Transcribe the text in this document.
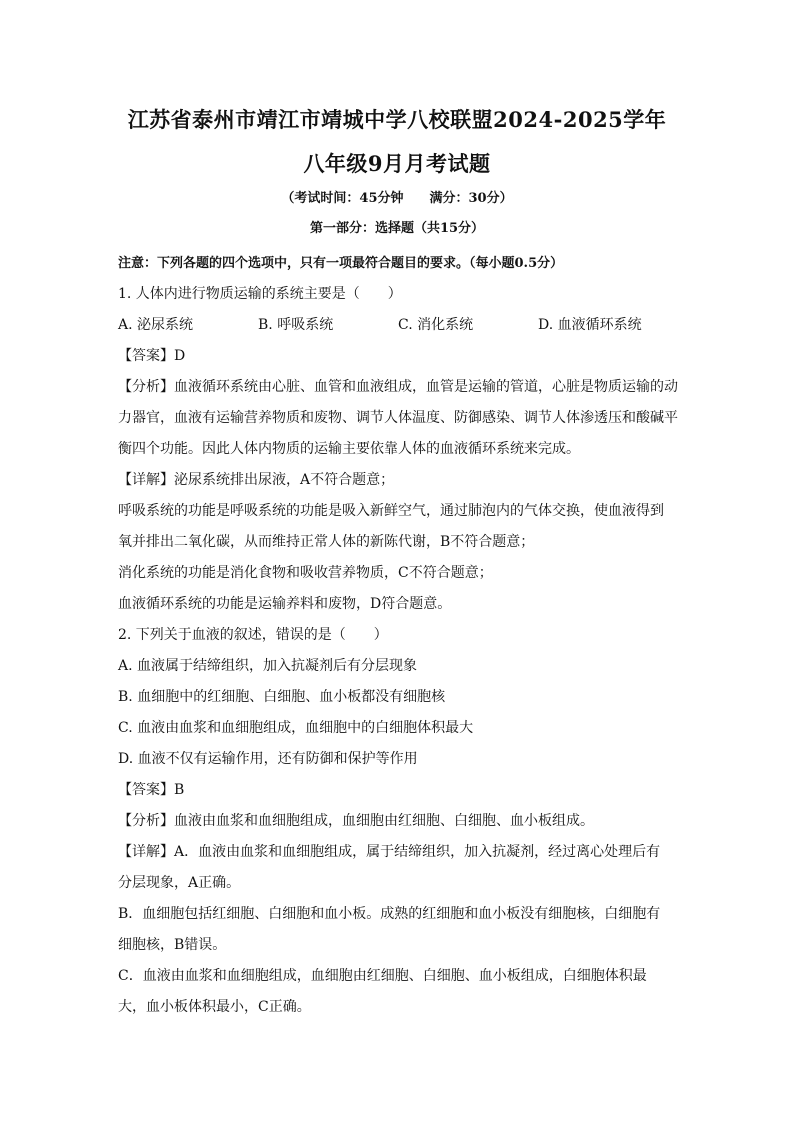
江苏省泰州市靖江市靖城中学八校联盟2024-2025学年
八年级9月月考试题
（考试时间：45分钟　　满分：30分）
第一部分：选择题（共15分）
注意：下列各题的四个选项中，只有一项最符合题目的要求。（每小题0.5分）
1. 人体内进行物质运输的系统主要是（　　）
A. 泌尿系统	B. 呼吸系统	C. 消化系统	D. 血液循环系统
【答案】D
【分析】血液循环系统由心脏、血管和血液组成，血管是运输的管道，心脏是物质运输的动
力器官，血液有运输营养物质和废物、调节人体温度、防御感染、调节人体渗透压和酸碱平
衡四个功能。因此人体内物质的运输主要依靠人体的血液循环系统来完成。
【详解】泌尿系统排出尿液，A不符合题意；
呼吸系统的功能是呼吸系统的功能是吸入新鲜空气，通过肺泡内的气体交换，使血液得到
氧并排出二氧化碳，从而维持正常人体的新陈代谢，B不符合题意；
消化系统的功能是消化食物和吸收营养物质，C不符合题意；
血液循环系统的功能是运输养料和废物，D符合题意。
2. 下列关于血液的叙述，错误的是（　　）
A. 血液属于结缔组织，加入抗凝剂后有分层现象
B. 血细胞中的红细胞、白细胞、血小板都没有细胞核
C. 血液由血浆和血细胞组成，血细胞中的白细胞体积最大
D. 血液不仅有运输作用，还有防御和保护等作用
【答案】B
【分析】血液由血浆和血细胞组成，血细胞由红细胞、白细胞、血小板组成。
【详解】A．血液由血浆和血细胞组成，属于结缔组织，加入抗凝剂，经过离心处理后有
分层现象，A正确。
B．血细胞包括红细胞、白细胞和血小板。成熟的红细胞和血小板没有细胞核，白细胞有
细胞核，B错误。
C．血液由血浆和血细胞组成，血细胞由红细胞、白细胞、血小板组成，白细胞体积最
大，血小板体积最小，C正确。
